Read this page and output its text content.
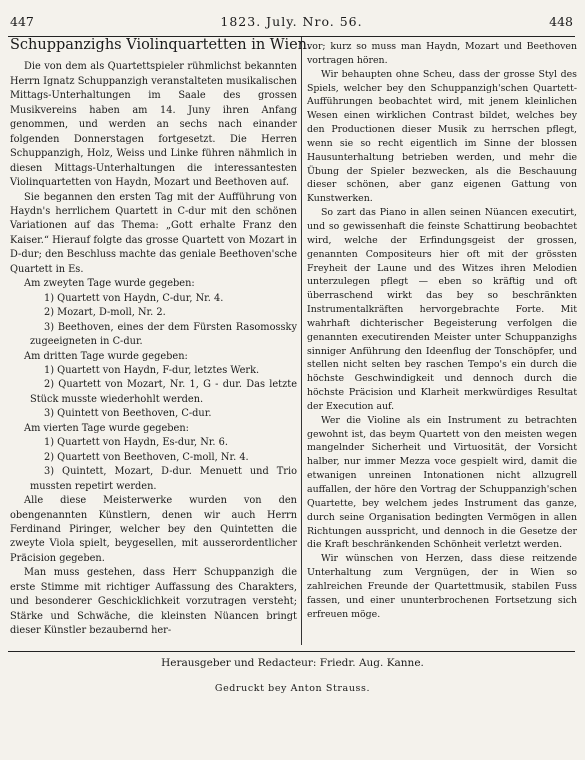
447	1823. July. Nro. 56.	448
Schuppanzighs Violinquartetten in Wien.

Die von dem als Quartettspieler rühmlichst bekannten Herrn Ignatz Schuppanzigh veranstalteten musikalischen Mittags-Unterhaltungen im Saale des grossen Musikvereins haben am 14. Juny ihren Anfang genommen, und werden an sechs nach einander folgenden Donnerstagen fortgesetzt. Die Herren Schuppanzigh, Holz, Weiss und Linke führen nähmlich in diesen Mittags-Unterhaltungen die interessantesten Violinquartetten von Haydn, Mozart und Beethoven auf.

Sie begannen den ersten Tag mit der Aufführung von Haydn's herrlichem Quartett in C-dur mit den schönen Variationen auf das Thema: „Gott erhalte Franz den Kaiser.“ Hierauf folgte das grosse Quartett von Mozart in D-dur; den Beschluss machte das geniale Beethoven'sche Quartett in Es.

Am zweyten Tage wurde gegeben:

1) Quartett von Haydn, C-dur, Nr. 4.

2) Mozart, D-moll, Nr. 2.

3) Beethoven, eines der dem Fürsten Rasomossky zugeeigneten in C-dur.

Am dritten Tage wurde gegeben:

1) Quartett von Haydn, F-dur, letztes Werk.

2) Quartett von Mozart, Nr. 1, G - dur. Das letzte Stück musste wiederhohlt werden.

3) Quintett von Beethoven, C-dur.

Am vierten Tage wurde gegeben:

1) Quartett von Haydn, Es-dur, Nr. 6.

2) Quartett von Beethoven, C-moll, Nr. 4.

3) Quintett, Mozart, D-dur. Menuett und Trio mussten repetirt werden.

Alle diese Meisterwerke wurden von den obengenannten Künstlern, denen wir auch Herrn Ferdinand Piringer, welcher bey den Quintetten die zweyte Viola spielt, beygesellen, mit ausserordentlicher Präcision gegeben.

Man muss gestehen, dass Herr Schuppanzigh die erste Stimme mit richtiger Auffassung des Charakters, und besonderer Geschicklichkeit vorzutragen versteht; Stärke und Schwäche, die kleinsten Nüancen bringt dieser Künstler bezaubernd her-

vor; kurz so muss man Haydn, Mozart und Beethoven vortragen hören.

Wir behaupten ohne Scheu, dass der grosse Styl des Spiels, welcher bey den Schuppanzigh'schen Quartett-Aufführungen beobachtet wird, mit jenem kleinlichen Wesen einen wirklichen Contrast bildet, welches bey den Productionen dieser Musik zu herrschen pflegt, wenn sie so recht eigentlich im Sinne der blossen Hausunterhaltung betrieben werden, und mehr die Übung der Spieler bezwecken, als die Beschauung dieser schönen, aber ganz eigenen Gattung von Kunstwerken.

So zart das Piano in allen seinen Nüancen executirt, und so gewissenhaft die feinste Schattirung beobachtet wird, welche der Erfindungsgeist der grossen, genannten Compositeurs hier oft mit der grössten Freyheit der Laune und des Witzes ihren Melodien unterzulegen pflegt — eben so kräftig und oft überraschend wirkt das bey so beschränkten Instrumentalkräften hervorgebrachte Forte. Mit wahrhaft dichterischer Begeisterung verfolgen die genannten executirenden Meister unter Schuppanzighs sinniger Anführung den Ideenflug der Tonschöpfer, und stellen nicht selten bey raschen Tempo's ein durch die höchste Geschwindigkeit und dennoch durch die höchste Präcision und Klarheit merkwürdiges Resultat der Execution auf.

Wer die Violine als ein Instrument zu betrachten gewohnt ist, das beym Quartett von den meisten wegen mangelnder Sicherheit und Virtuosität, der Vorsicht halber, nur immer Mezza voce gespielt wird, damit die etwanigen unreinen Intonationen nicht allzugrell auffallen, der höre den Vortrag der Schuppanzigh'schen Quartette, bey welchem jedes Instrument das ganze, durch seine Organisation bedingten Vermögen in allen Richtungen ausspricht, und dennoch in die Gesetze der die Kraft beschränkenden Schönheit verletzt werden.

Wir wünschen von Herzen, dass diese reitzende Unterhaltung zum Vergnügen, der in Wien so zahlreichen Freunde der Quartettmusik, stabilen Fuss fassen, und einer ununterbrochenen Fortsetzung sich erfreuen möge.

Herausgeber und Redacteur: Friedr. Aug. Kanne.
Gedruckt bey Anton Strauss.
